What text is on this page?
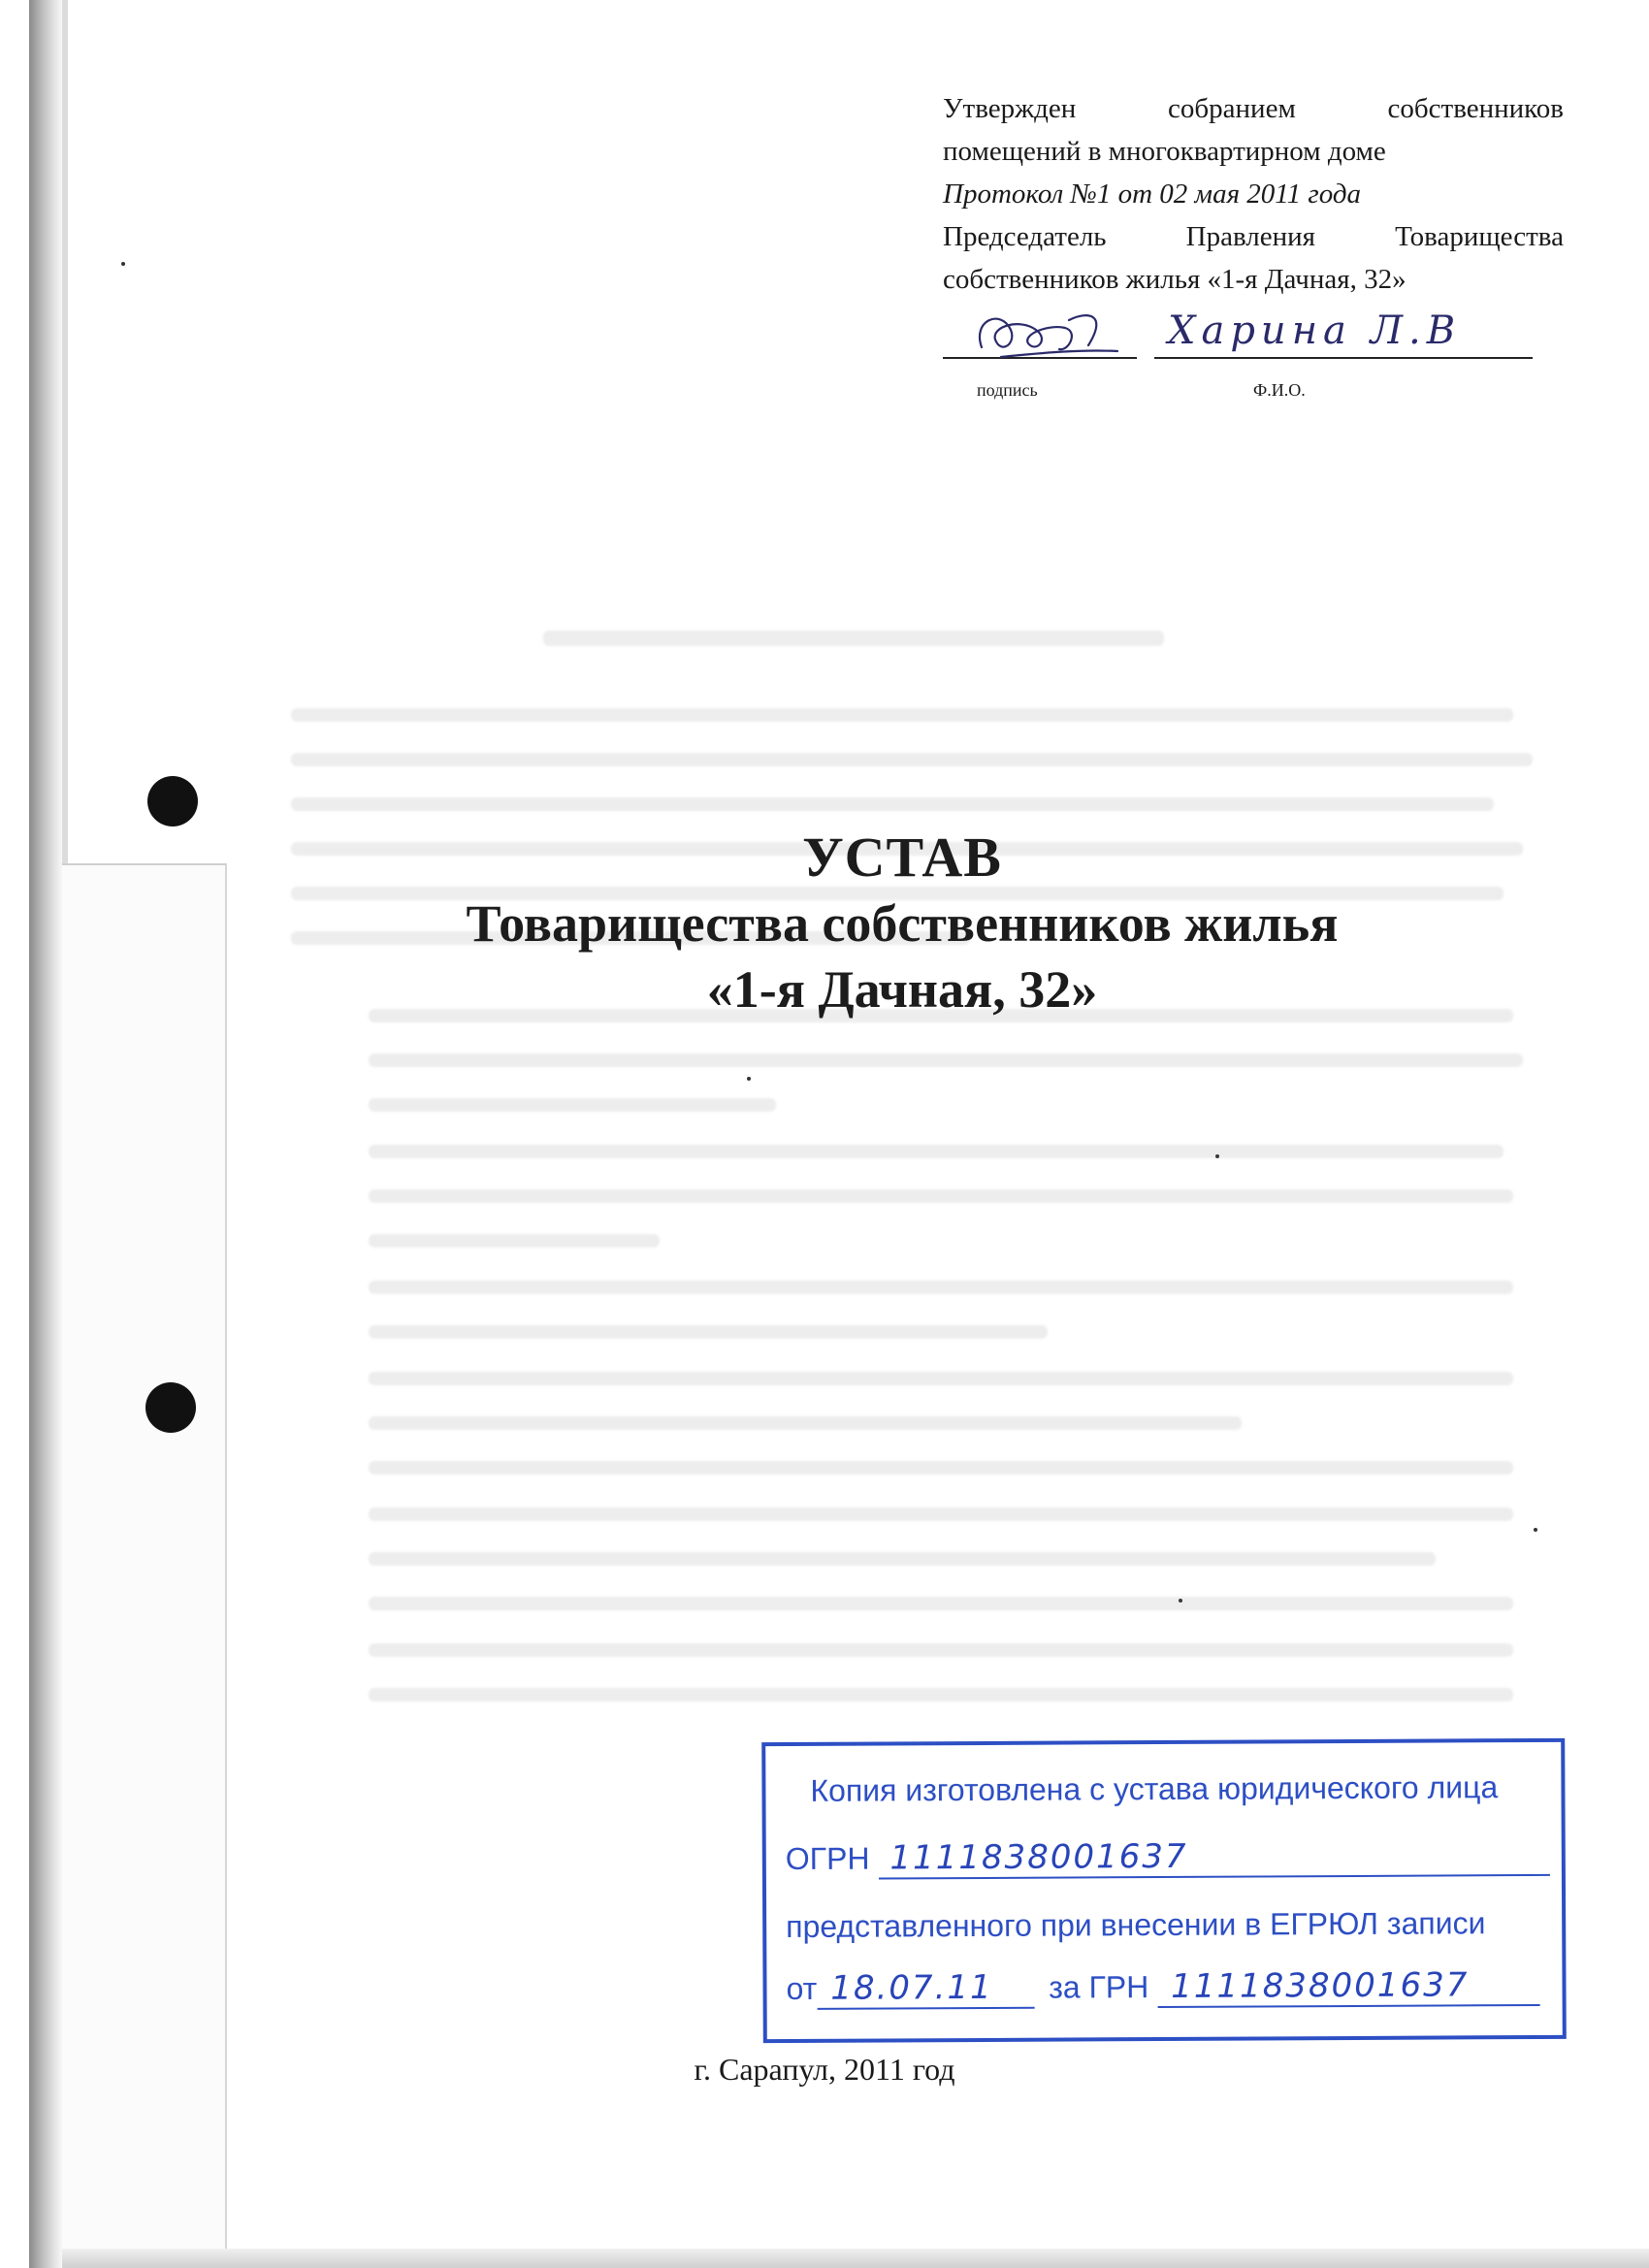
Утвержден собранием собственников
помещений в многоквартирном доме
Протокол №1 от 02 мая 2011 года
Председатель Правления Товарищества
собственников жилья «1-я Дачная, 32»
Харина Л.В
подпись	Ф.И.О.
УСТАВ
Товарищества собственников жилья
«1-я Дачная, 32»
Копия изготовлена с устава юридического лица
ОГРН 1111838001637
представленного при внесении в ЕГРЮЛ записи
от 18.07.11 за ГРН 1111838001637
г. Сарапул, 2011 год
